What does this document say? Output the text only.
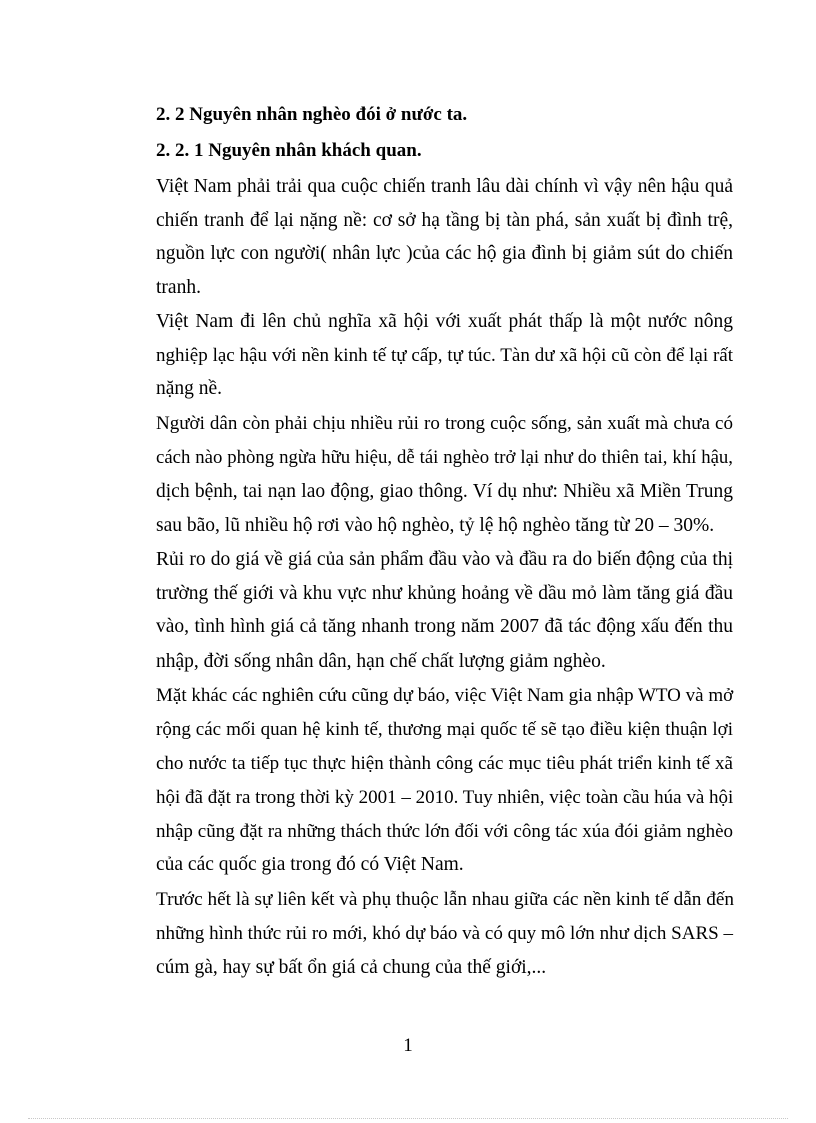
2. 2 Nguyên nhân nghèo đói ở nước ta.
2. 2. 1 Nguyên nhân khách quan.
Việt Nam phải trải qua cuộc chiến tranh lâu dài chính vì vậy nên hậu quả
chiến tranh để lại nặng nề: cơ sở hạ tầng bị tàn phá, sản xuất bị đình trệ,
nguồn lực con người( nhân lực )của các hộ gia đình bị giảm sút do chiến
tranh.
Việt Nam đi lên chủ nghĩa xã hội với xuất phát thấp là một nước nông
nghiệp lạc hậu với nền kinh tế tự cấp, tự túc. Tàn dư xã hội cũ còn để lại rất
nặng nề.
Người dân còn phải chịu nhiều rủi ro trong cuộc sống, sản xuất mà chưa có
cách nào phòng ngừa hữu hiệu, dễ tái nghèo trở lại như do thiên tai, khí hậu,
dịch bệnh, tai nạn lao động, giao thông. Ví dụ như: Nhiều xã Miền Trung
sau bão, lũ nhiều hộ rơi vào hộ nghèo, tỷ lệ hộ nghèo tăng từ 20 – 30%.
Rủi ro do giá về giá của sản phẩm đầu vào và đầu ra do biến động của thị
trường thế giới và khu vực như khủng hoảng về dầu mỏ làm tăng giá đầu
vào, tình hình giá cả tăng nhanh trong năm 2007 đã tác động xấu đến thu
nhập, đời sống nhân dân, hạn chế chất lượng giảm nghèo.
Mặt khác các nghiên cứu cũng dự báo, việc Việt Nam gia nhập WTO và mở
rộng các mối quan hệ kinh tế, thương mại quốc tế sẽ tạo điều kiện thuận lợi
cho nước ta tiếp tục thực hiện thành công các mục tiêu phát triển kinh tế xã
hội đã đặt ra trong thời kỳ 2001 – 2010. Tuy nhiên, việc toàn cầu húa và hội
nhập cũng đặt ra những thách thức lớn đối với công tác xúa đói giảm nghèo
của các quốc gia trong đó có Việt Nam.
Trước hết là sự liên kết và phụ thuộc lẫn nhau giữa các nền kinh tế dẫn đến
những hình thức rủi ro mới, khó dự báo và có quy mô lớn như dịch SARS –
cúm gà, hay sự bất ổn giá cả chung của thế giới,...
1
